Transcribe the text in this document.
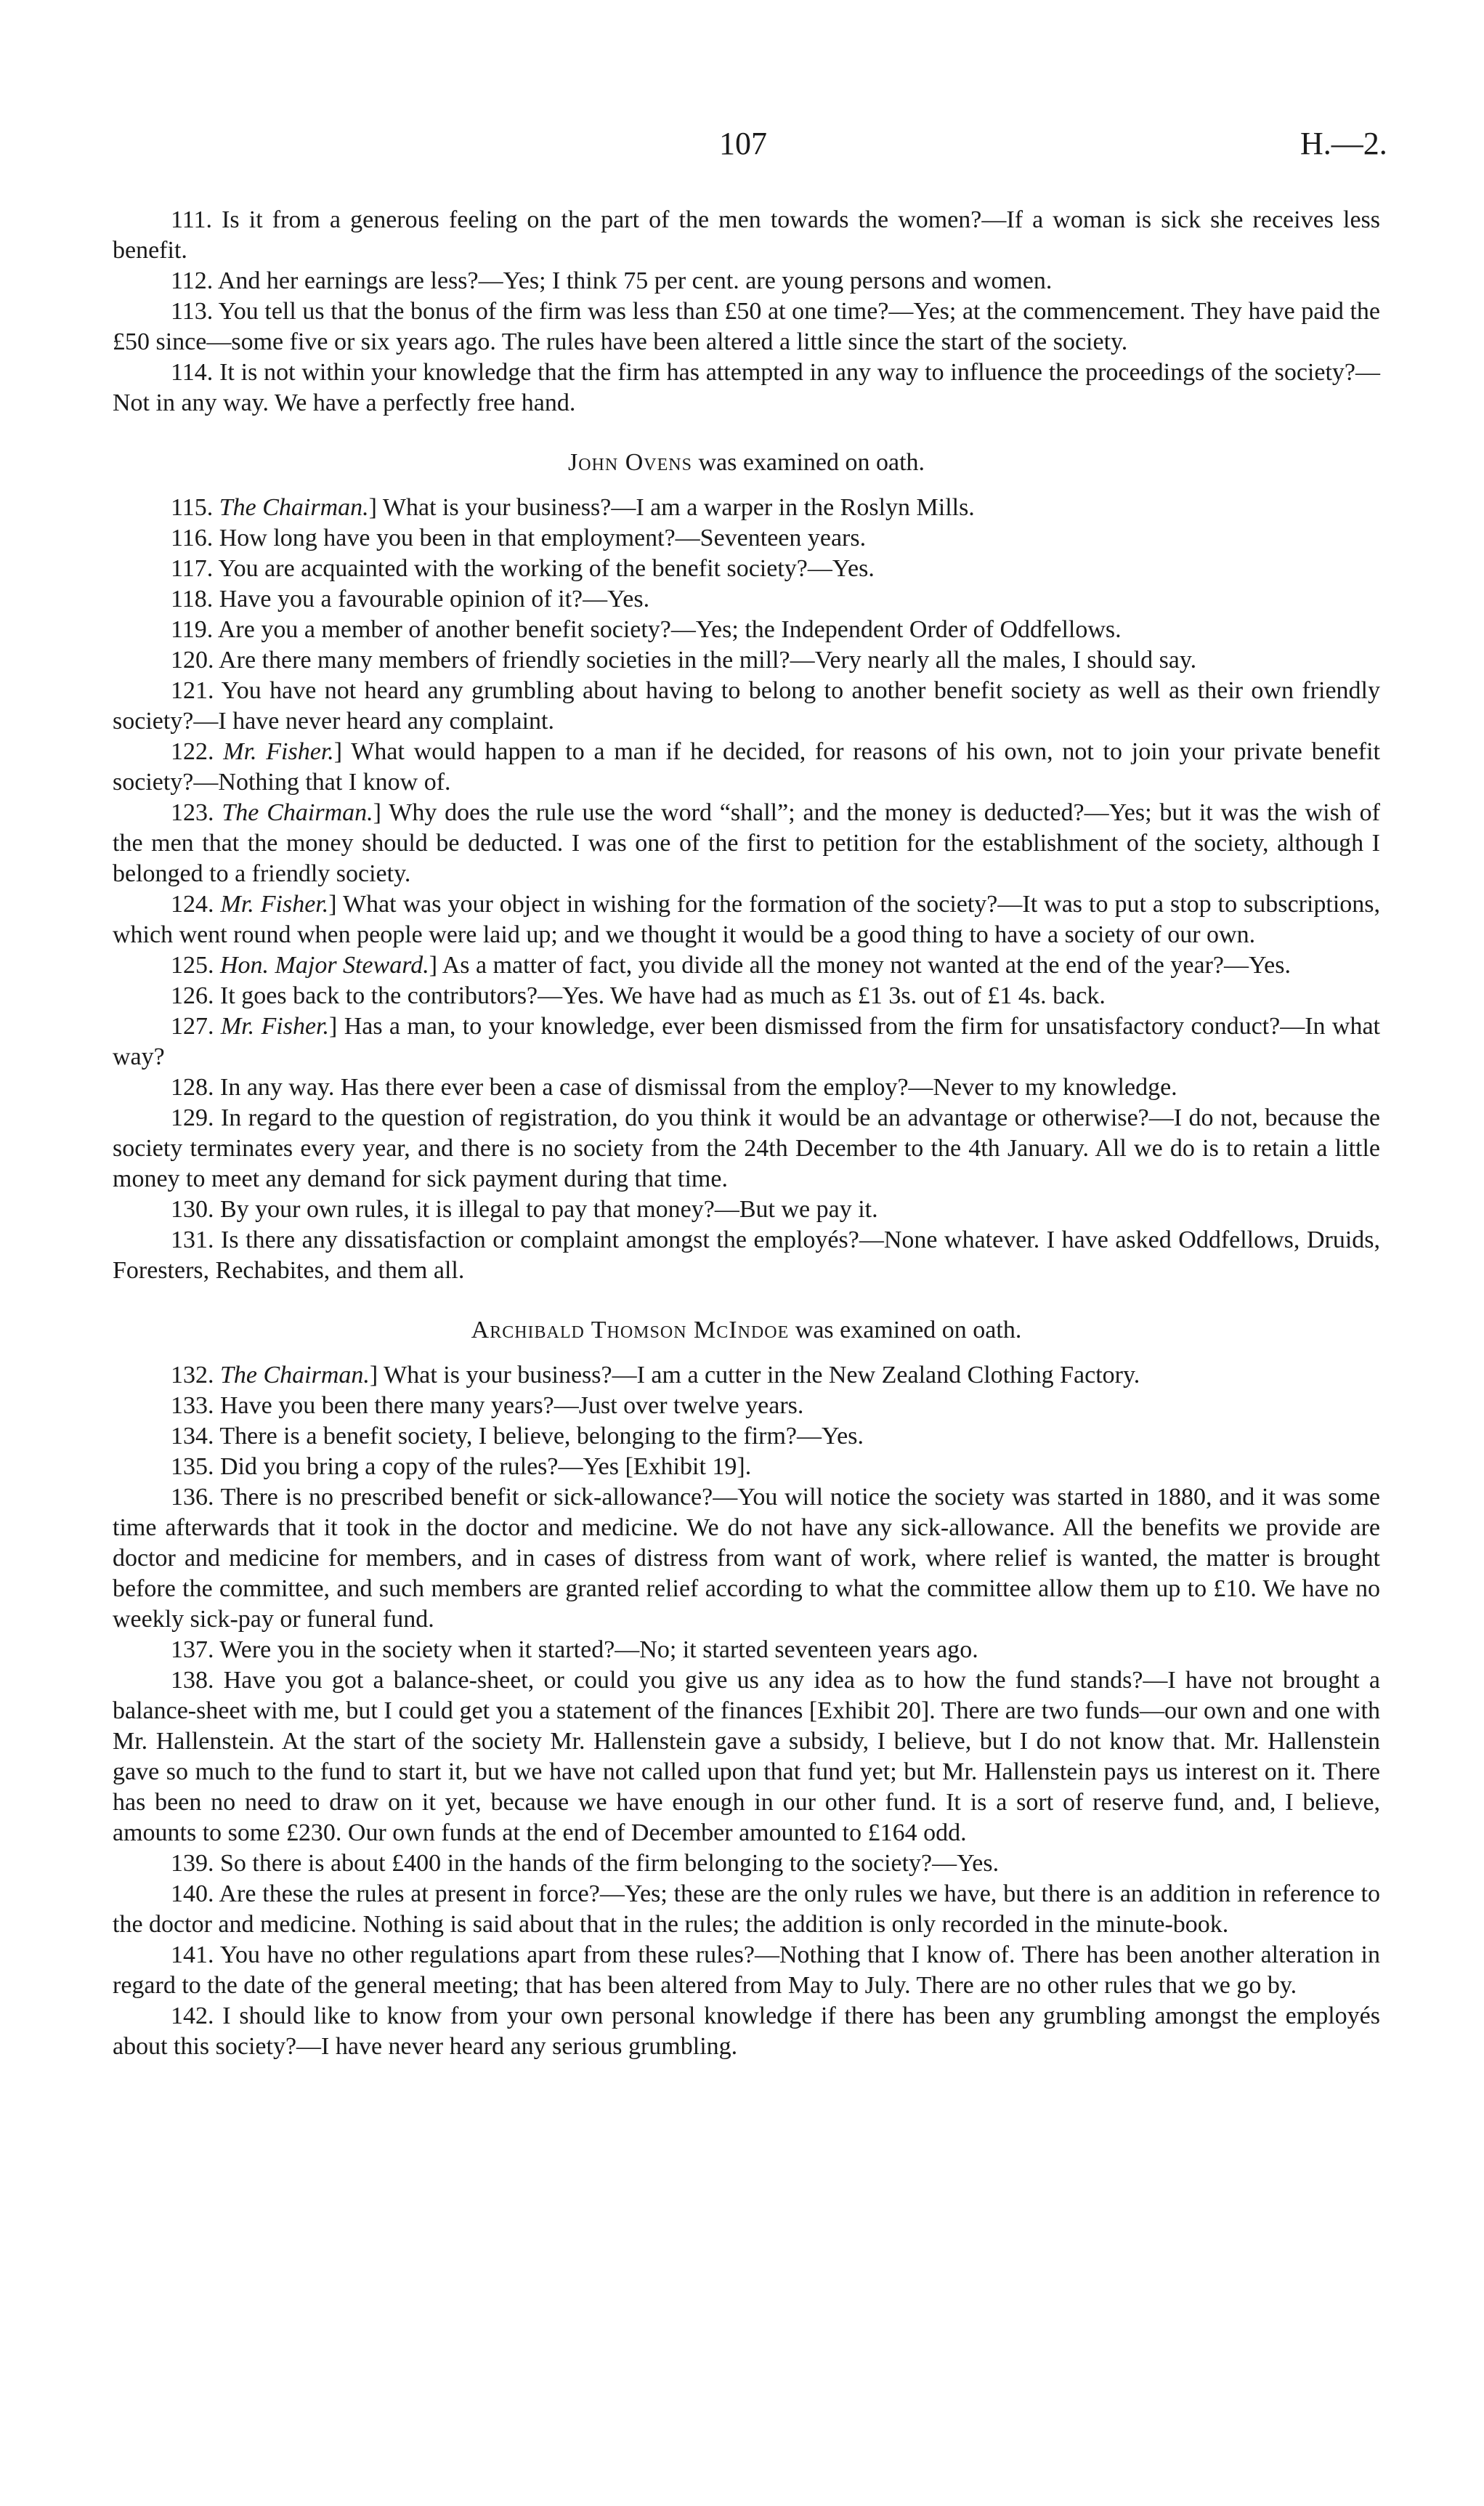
107	H.—2.

111. Is it from a generous feeling on the part of the men towards the women?—If a woman is sick she receives less benefit.

112. And her earnings are less?—Yes; I think 75 per cent. are young persons and women.

113. You tell us that the bonus of the firm was less than £50 at one time?—Yes; at the commencement. They have paid the £50 since—some five or six years ago. The rules have been altered a little since the start of the society.

114. It is not within your knowledge that the firm has attempted in any way to influence the proceedings of the society?—Not in any way. We have a perfectly free hand.

John Ovens was examined on oath.

115. The Chairman.] What is your business?—I am a warper in the Roslyn Mills.

116. How long have you been in that employment?—Seventeen years.

117. You are acquainted with the working of the benefit society?—Yes.

118. Have you a favourable opinion of it?—Yes.

119. Are you a member of another benefit society?—Yes; the Independent Order of Oddfellows.

120. Are there many members of friendly societies in the mill?—Very nearly all the males, I should say.

121. You have not heard any grumbling about having to belong to another benefit society as well as their own friendly society?—I have never heard any complaint.

122. Mr. Fisher.] What would happen to a man if he decided, for reasons of his own, not to join your private benefit society?—Nothing that I know of.

123. The Chairman.] Why does the rule use the word “shall”; and the money is deducted?—Yes; but it was the wish of the men that the money should be deducted. I was one of the first to petition for the establishment of the society, although I belonged to a friendly society.

124. Mr. Fisher.] What was your object in wishing for the formation of the society?—It was to put a stop to subscriptions, which went round when people were laid up; and we thought it would be a good thing to have a society of our own.

125. Hon. Major Steward.] As a matter of fact, you divide all the money not wanted at the end of the year?—Yes.

126. It goes back to the contributors?—Yes. We have had as much as £1 3s. out of £1 4s. back.

127. Mr. Fisher.] Has a man, to your knowledge, ever been dismissed from the firm for unsatisfactory conduct?—In what way?

128. In any way. Has there ever been a case of dismissal from the employ?—Never to my knowledge.

129. In regard to the question of registration, do you think it would be an advantage or otherwise?—I do not, because the society terminates every year, and there is no society from the 24th December to the 4th January. All we do is to retain a little money to meet any demand for sick payment during that time.

130. By your own rules, it is illegal to pay that money?—But we pay it.

131. Is there any dissatisfaction or complaint amongst the employés?—None whatever. I have asked Oddfellows, Druids, Foresters, Rechabites, and them all.

Archibald Thomson McIndoe was examined on oath.

132. The Chairman.] What is your business?—I am a cutter in the New Zealand Clothing Factory.

133. Have you been there many years?—Just over twelve years.

134. There is a benefit society, I believe, belonging to the firm?—Yes.

135. Did you bring a copy of the rules?—Yes [Exhibit 19].

136. There is no prescribed benefit or sick-allowance?—You will notice the society was started in 1880, and it was some time afterwards that it took in the doctor and medicine. We do not have any sick-allowance. All the benefits we provide are doctor and medicine for members, and in cases of distress from want of work, where relief is wanted, the matter is brought before the committee, and such members are granted relief according to what the committee allow them up to £10. We have no weekly sick-pay or funeral fund.

137. Were you in the society when it started?—No; it started seventeen years ago.

138. Have you got a balance-sheet, or could you give us any idea as to how the fund stands?—I have not brought a balance-sheet with me, but I could get you a statement of the finances [Exhibit 20]. There are two funds—our own and one with Mr. Hallenstein. At the start of the society Mr. Hallenstein gave a subsidy, I believe, but I do not know that. Mr. Hallenstein gave so much to the fund to start it, but we have not called upon that fund yet; but Mr. Hallenstein pays us interest on it. There has been no need to draw on it yet, because we have enough in our other fund. It is a sort of reserve fund, and, I believe, amounts to some £230. Our own funds at the end of December amounted to £164 odd.

139. So there is about £400 in the hands of the firm belonging to the society?—Yes.

140. Are these the rules at present in force?—Yes; these are the only rules we have, but there is an addition in reference to the doctor and medicine. Nothing is said about that in the rules; the addition is only recorded in the minute-book.

141. You have no other regulations apart from these rules?—Nothing that I know of. There has been another alteration in regard to the date of the general meeting; that has been altered from May to July. There are no other rules that we go by.

142. I should like to know from your own personal knowledge if there has been any grumbling amongst the employés about this society?—I have never heard any serious grumbling.
